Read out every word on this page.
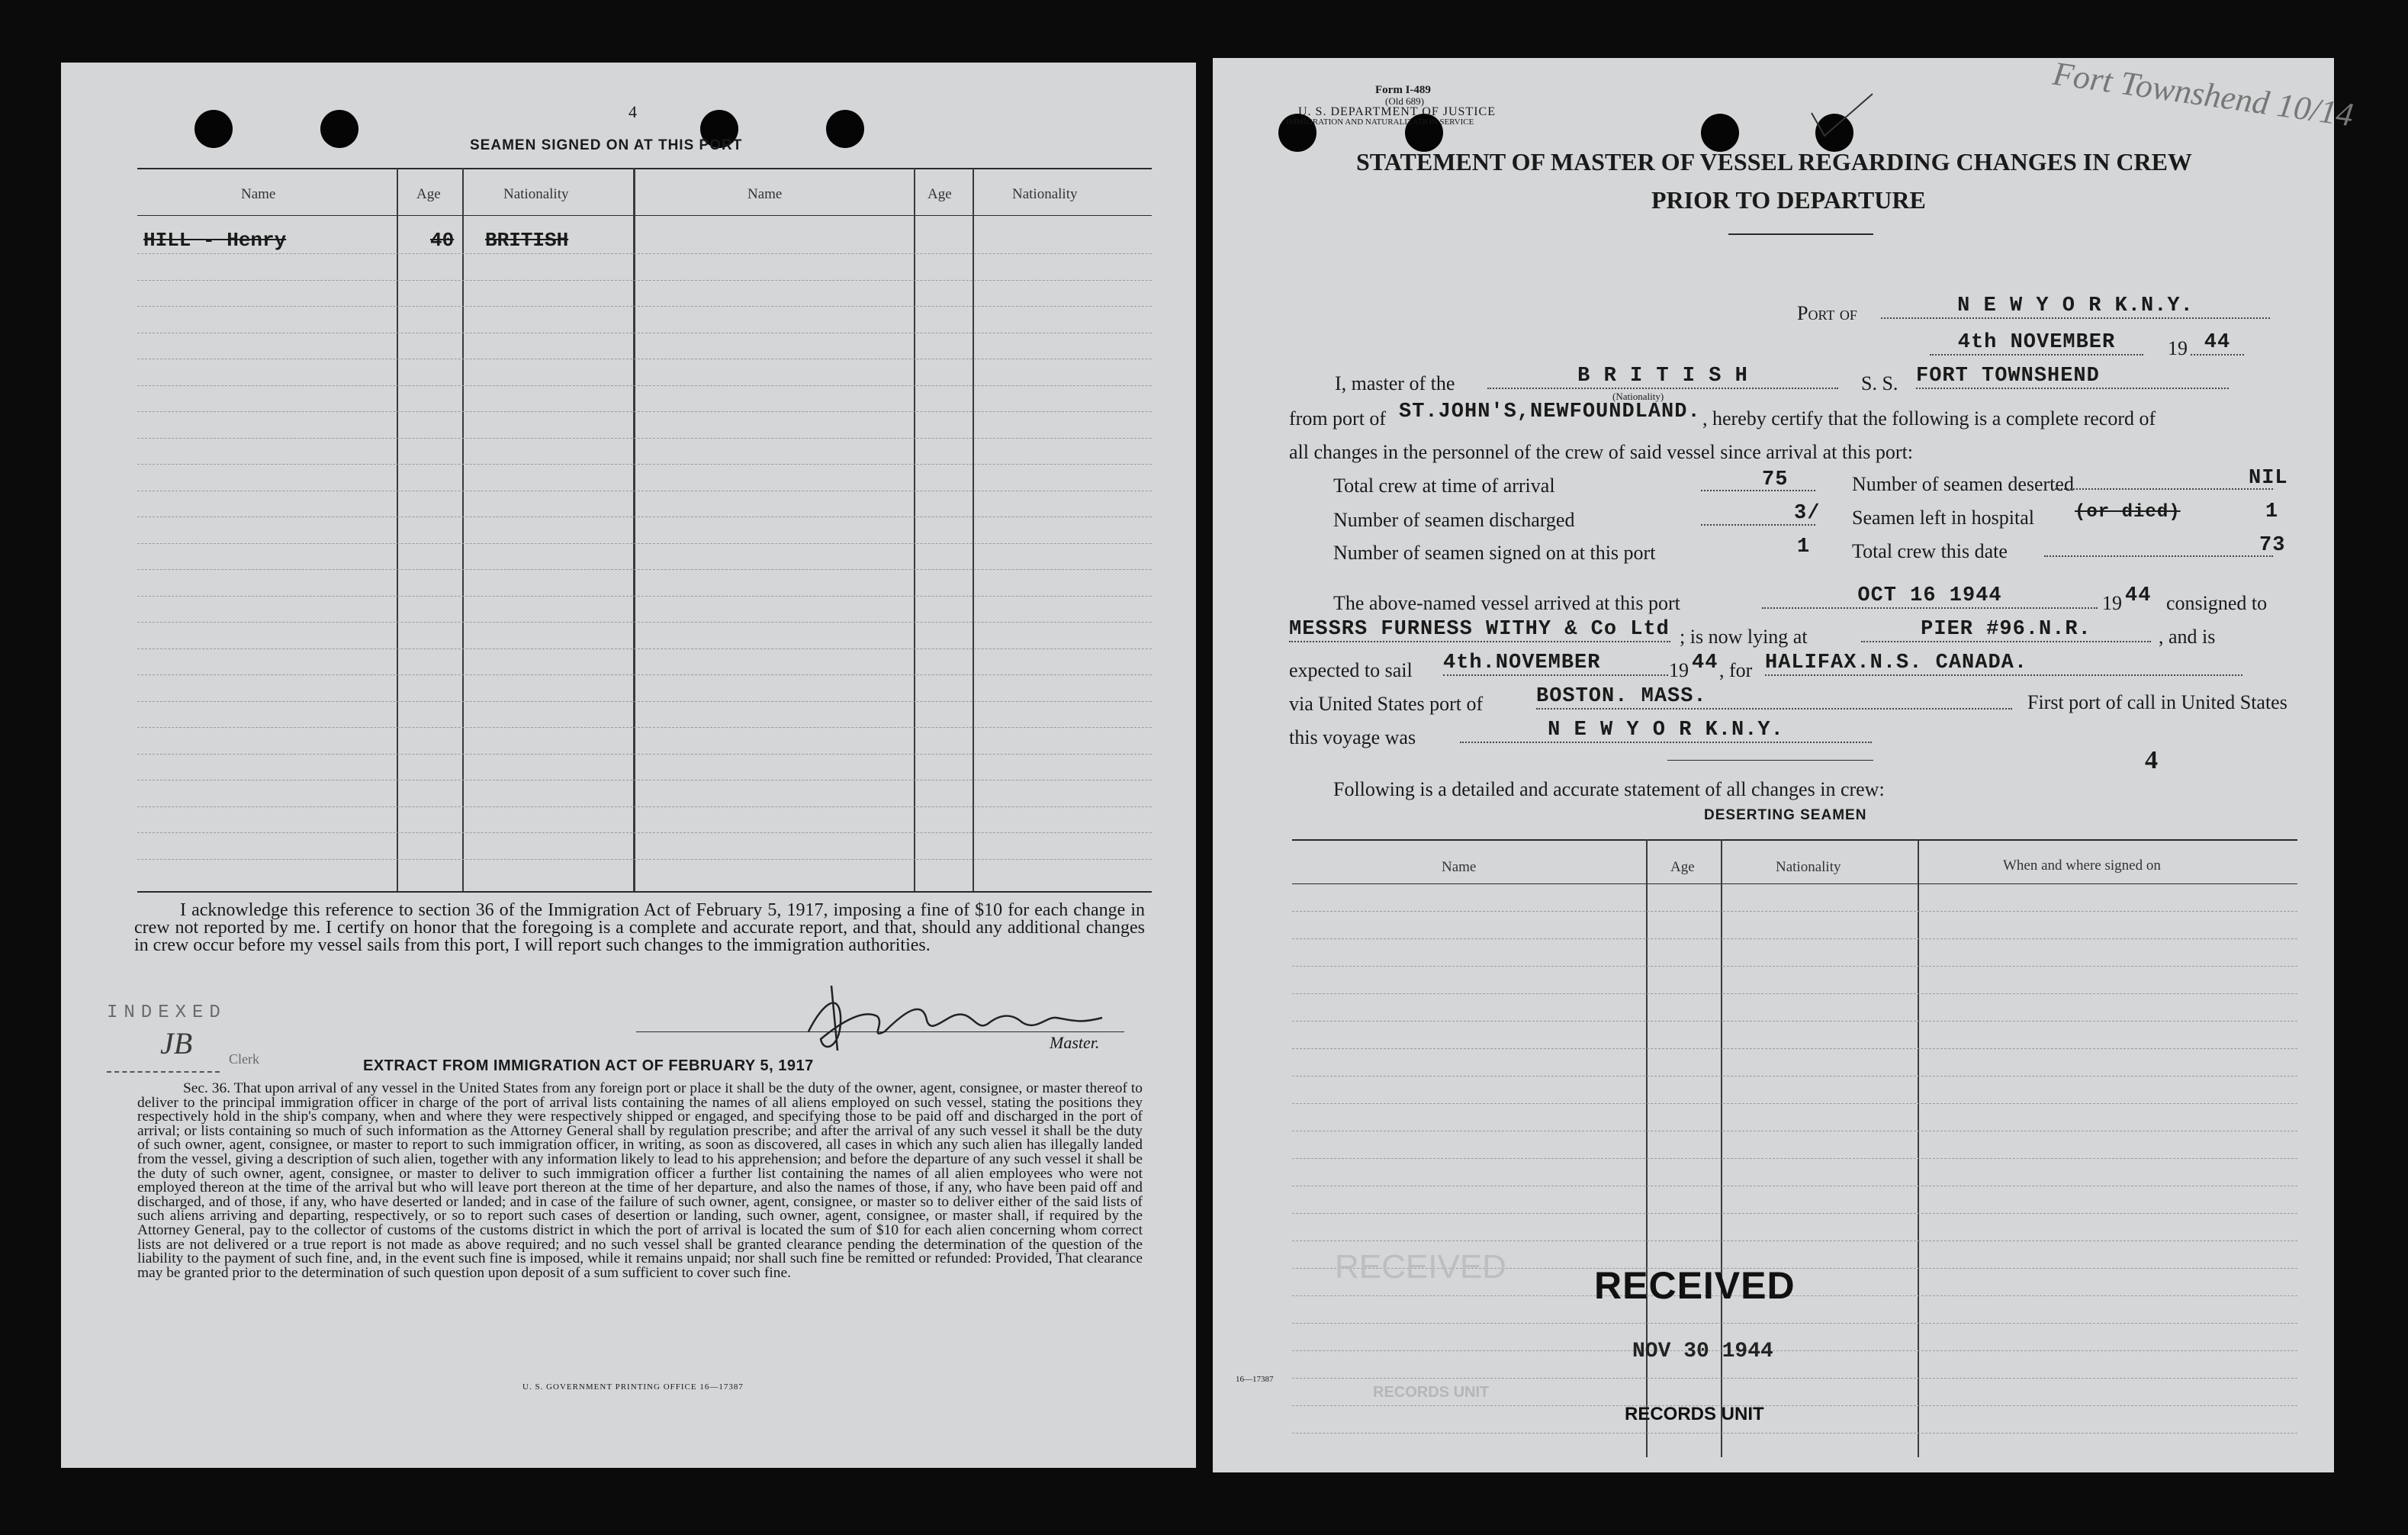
4
SEAMEN SIGNED ON AT THIS PORT
Name	Age	Nationality	Name	Age	Nationality
HILL - Henry	40 BRITISH
I acknowledge this reference to section 36 of the Immigration Act of February 5, 1917, imposing a fine of $10 for each change in crew not reported by me. I certify on honor that the foregoing is a complete and accurate report, and that, should any additional changes in crew occur before my vessel sails from this port, I will report such changes to the immigration authorities.
INDEXED
JB	Clerk
Master.
EXTRACT FROM IMMIGRATION ACT OF FEBRUARY 5, 1917
Sec. 36. That upon arrival of any vessel in the United States from any foreign port or place it shall be the duty of the owner, agent, consignee, or master thereof to deliver to the principal immigration officer in charge of the port of arrival lists containing the names of all aliens employed on such vessel, stating the positions they respectively hold in the ship's company, when and where they were respectively shipped or engaged, and specifying those to be paid off and discharged in the port of arrival; or lists containing so much of such information as the Attorney General shall by regulation prescribe; and after the arrival of any such vessel it shall be the duty of such owner, agent, consignee, or master to report to such immigration officer, in writing, as soon as discovered, all cases in which any such alien has illegally landed from the vessel, giving a description of such alien, together with any information likely to lead to his apprehension; and before the departure of any such vessel it shall be the duty of such owner, agent, consignee, or master to deliver to such immigration officer a further list containing the names of all alien employees who were not employed thereon at the time of the arrival but who will leave port thereon at the time of her departure, and also the names of those, if any, who have been paid off and discharged, and of those, if any, who have deserted or landed; and in case of the failure of such owner, agent, consignee, or master so to deliver either of the said lists of such aliens arriving and departing, respectively, or so to report such cases of desertion or landing, such owner, agent, consignee, or master shall, if required by the Attorney General, pay to the collector of customs of the customs district in which the port of arrival is located the sum of $10 for each alien concerning whom correct lists are not delivered or a true report is not made as above required; and no such vessel shall be granted clearance pending the determination of the question of the liability to the payment of such fine, and, in the event such fine is imposed, while it remains unpaid; nor shall such fine be remitted or refunded: Provided, That clearance may be granted prior to the determination of such question upon deposit of a sum sufficient to cover such fine.
U. S. GOVERNMENT PRINTING OFFICE 16—17387
Form I-489
(Old 689)
U. S. DEPARTMENT OF JUSTICE
IMMIGRATION AND NATURALIZATION SERVICE	Fort Townshend 10/14
STATEMENT OF MASTER OF VESSEL REGARDING CHANGES IN CREW
PRIOR TO DEPARTURE
Port of	N E W Y O R K.N.Y.
4th NOVEMBER	19 44
I, master of the	B R I T I S H
(Nationality)
S. S. FORT TOWNSHEND
from port of ST.JOHN'S,NEWFOUNDLAND. , hereby certify that the following is a complete record of
all changes in the personnel of the crew of said vessel since arrival at this port:
Total crew at time of arrival	75
Number of seamen discharged	3/
Number of seamen signed on at this port	1
Number of seamen deserted	NIL
Seamen left in hospital (or died)	1
Total crew this date	73
The above-named vessel arrived at this port	OCT 16 1944	19 44 consigned to
MESSRS FURNESS WITHY & Co Ltd ; is now lying at	PIER #96.N.R.	, and is
expected to sail 4th.NOVEMBER	19 44 , for HALIFAX.N.S. CANADA.
via United States port of	BOSTON. MASS.	First port of call in United States
this voyage was	N E W Y O R K.N.Y.
4
Following is a detailed and accurate statement of all changes in crew:
DESERTING SEAMEN
Name	Age	Nationality	When and where signed on
RECEIVED RECEIVED
NOV 30 1944
RECORDS UNIT
16—17387
RECORDS UNIT
